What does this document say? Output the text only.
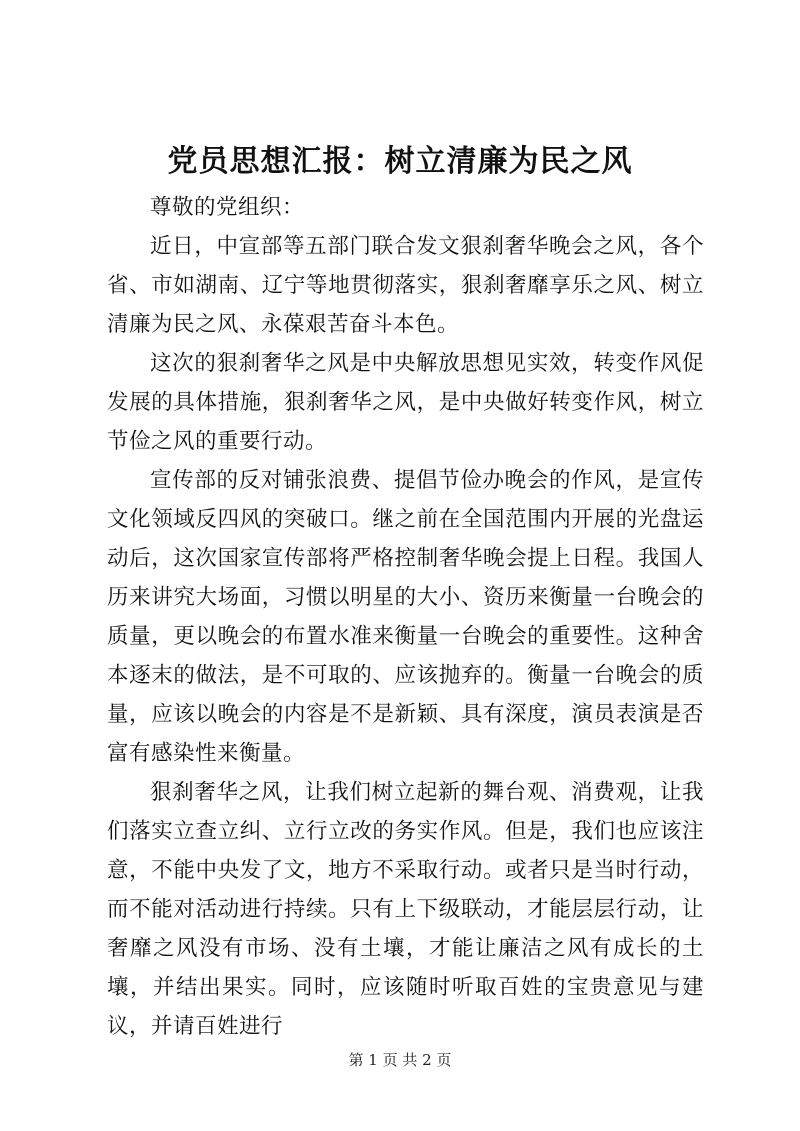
党员思想汇报：树立清廉为民之风

尊敬的党组织：

近日，中宣部等五部门联合发文狠刹奢华晚会之风，各个省、市如湖南、辽宁等地贯彻落实，狠刹奢靡享乐之风、树立清廉为民之风、永葆艰苦奋斗本色。

这次的狠刹奢华之风是中央解放思想见实效，转变作风促发展的具体措施，狠刹奢华之风，是中央做好转变作风，树立节俭之风的重要行动。

宣传部的反对铺张浪费、提倡节俭办晚会的作风，是宣传文化领域反四风的突破口。继之前在全国范围内开展的光盘运动后，这次国家宣传部将严格控制奢华晚会提上日程。我国人历来讲究大场面，习惯以明星的大小、资历来衡量一台晚会的质量，更以晚会的布置水准来衡量一台晚会的重要性。这种舍本逐末的做法，是不可取的、应该抛弃的。衡量一台晚会的质量，应该以晚会的内容是不是新颖、具有深度，演员表演是否富有感染性来衡量。

狠刹奢华之风，让我们树立起新的舞台观、消费观，让我们落实立查立纠、立行立改的务实作风。但是，我们也应该注意，不能中央发了文，地方不采取行动。或者只是当时行动，而不能对活动进行持续。只有上下级联动，才能层层行动，让奢靡之风没有市场、没有土壤，才能让廉洁之风有成长的土壤，并结出果实。同时，应该随时听取百姓的宝贵意见与建议，并请百姓进行

第 1 页 共 2 页
